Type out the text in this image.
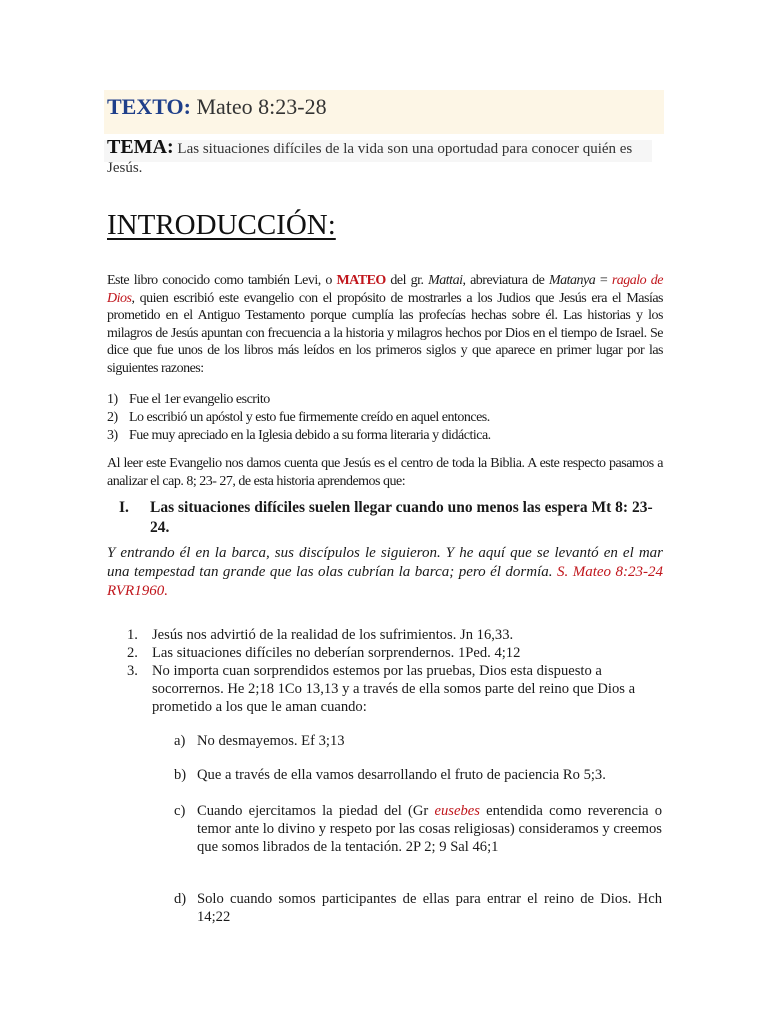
TEXTO: Mateo 8:23-28
TEMA: Las situaciones difíciles de la vida son una oportudad para conocer quién es Jesús.
INTRODUCCIÓN:
Este libro conocido como también Levi, o MATEO del gr. Mattai, abreviatura de Matanya = ragalo de Dios, quien escribió este evangelio con el propósito de mostrarles a los Judios que Jesús era el Masías prometido en el Antiguo Testamento porque cumplía las profecías hechas sobre él. Las historias y los milagros de Jesús apuntan con frecuencia a la historia y milagros hechos por Dios en el tiempo de Israel. Se dice que fue unos de los libros más leídos en los primeros siglos y que aparece en primer lugar por las siguientes razones:
1) Fue el 1er evangelio escrito
2) Lo escribió un apóstol y esto fue firmemente creído en aquel entonces.
3) Fue muy apreciado en la Iglesia debido a su forma literaria y didáctica.
Al leer este Evangelio nos damos cuenta que Jesús es el centro de toda la Biblia. A este respecto pasamos a analizar el cap. 8; 23- 27, de esta historia aprendemos que:
I. Las situaciones difíciles suelen llegar cuando uno menos las espera Mt 8: 23-24.
Y entrando él en la barca, sus discípulos le siguieron. Y he aquí que se levantó en el mar una tempestad tan grande que las olas cubrían la barca; pero él dormía. S. Mateo 8:23-24 RVR1960.
1. Jesús nos advirtió de la realidad de los sufrimientos. Jn 16,33.
2. Las situaciones difíciles no deberían sorprendernos. 1Ped. 4;12
3. No importa cuan sorprendidos estemos por las pruebas, Dios esta dispuesto a socorrernos. He 2;18 1Co 13,13 y a través de ella somos parte del reino que Dios a prometido a los que le aman cuando:
a) No desmayemos. Ef 3;13
b) Que a través de ella vamos desarrollando el fruto de paciencia Ro 5;3.
c) Cuando ejercitamos la piedad del (Gr eusebes entendida como reverencia o temor ante lo divino y respeto por las cosas religiosas) consideramos y creemos que somos librados de la tentación. 2P 2; 9 Sal 46;1
d) Solo cuando somos participantes de ellas para entrar el reino de Dios. Hch 14;22
